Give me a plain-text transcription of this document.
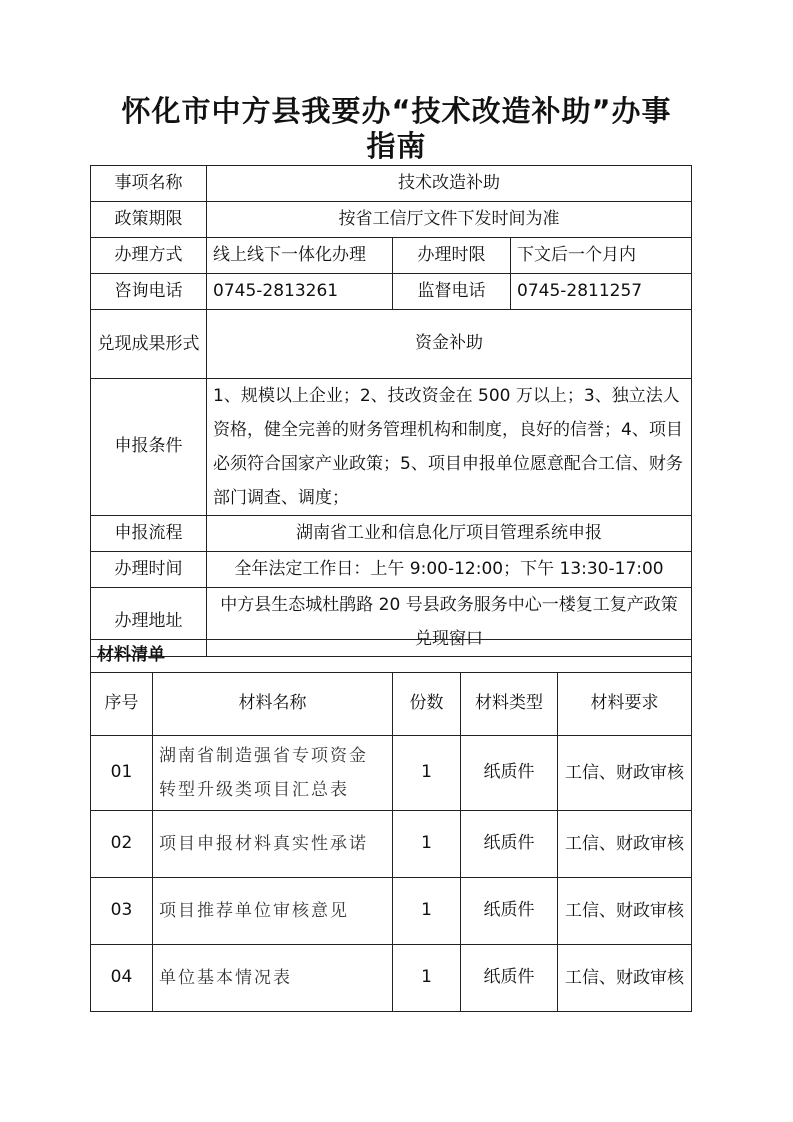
怀化市中方县我要办“技术改造补助”办事
指南
事项名称	技术改造补助		
政策期限	按省工信厅文件下发时间为准		
办理方式	线上线下一体化办理	办理时限	下文后一个月内
咨询电话	0745-2813261	监督电话	0745-2811257
兑现成果形式	资金补助		
申报条件	1、规模以上企业；2、技改资金在 500 万以上；3、独立法人资格，健全完善的财务管理机构和制度，良好的信誉；4、项目必须符合国家产业政策；5、项目申报单位愿意配合工信、财务部门调查、调度；		
申报流程	湖南省工业和信息化厅项目管理系统申报		
办理时间	全年法定工作日：上午 9:00-12:00；下午 13:30-17:00		
办理地址	中方县生态城杜鹃路 20 号县政务服务中心一楼复工复产政策兑现窗口		
材料清单				
序号	材料名称	份数	材料类型	材料要求
01	湖南省制造强省专项资金转型升级类项目汇总表	1	纸质件	工信、财政审核
02	项目申报材料真实性承诺	1	纸质件	工信、财政审核
03	项目推荐单位审核意见	1	纸质件	工信、财政审核
04	单位基本情况表	1	纸质件	工信、财政审核
